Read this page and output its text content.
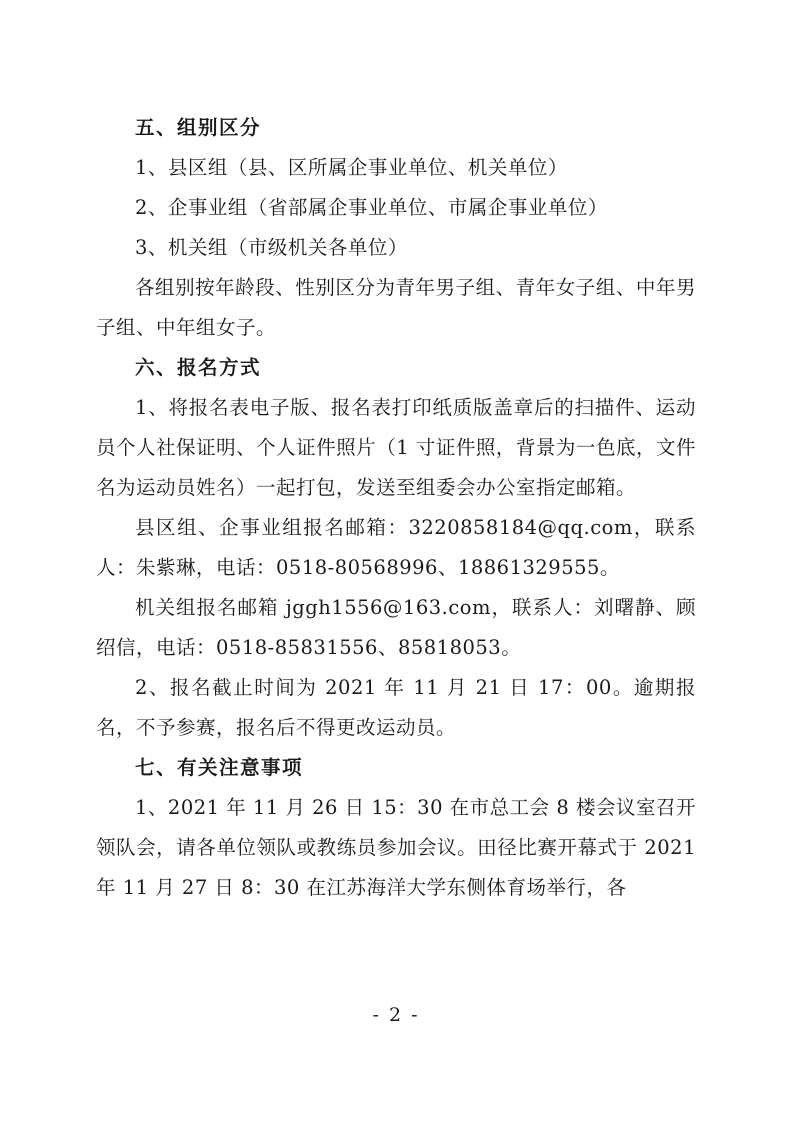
五、组别区分
1、县区组（县、区所属企事业单位、机关单位）
2、企事业组（省部属企事业单位、市属企事业单位）
3、机关组（市级机关各单位）
各组别按年龄段、性别区分为青年男子组、青年女子组、中年男子组、中年组女子。
六、报名方式
1、将报名表电子版、报名表打印纸质版盖章后的扫描件、运动员个人社保证明、个人证件照片（1 寸证件照，背景为一色底，文件名为运动员姓名）一起打包，发送至组委会办公室指定邮箱。
县区组、企事业组报名邮箱：3220858184@qq.com，联系人：朱紫琳，电话：0518-80568996、18861329555。
机关组报名邮箱 jggh1556@163.com，联系人：刘曙静、顾绍信，电话：0518-85831556、85818053。
2、报名截止时间为 2021 年 11 月 21 日 17：00。逾期报名，不予参赛，报名后不得更改运动员。
七、有关注意事项
1、2021 年 11 月 26 日 15：30 在市总工会 8 楼会议室召开领队会，请各单位领队或教练员参加会议。田径比赛开幕式于 2021 年 11 月 27 日 8：30 在江苏海洋大学东侧体育场举行，各
- 2 -
